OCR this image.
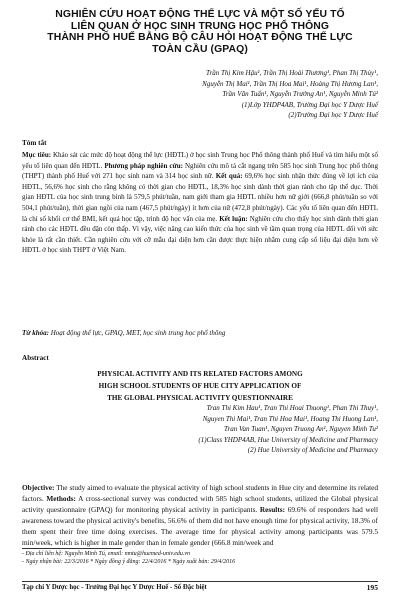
NGHIÊN CỨU HOẠT ĐỘNG THỂ LỰC VÀ MỘT SỐ YẾU TỐ
LIÊN QUAN Ở HỌC SINH TRUNG HỌC PHỔ THÔNG
THÀNH PHỐ HUẾ BẰNG BỘ CÂU HỎI HOẠT ĐỘNG THỂ LỰC
TOÀN CẦU (GPAQ)
Trần Thị Kim Hậu¹, Trần Thị Hoài Thương¹, Phan Thị Thủy¹,
Nguyễn Thị Mai¹, Trần Thị Hoa Mai¹, Hoàng Thị Hương Lan¹,
Trần Văn Tuấn¹, Nguyễn Trường An¹, Nguyễn Minh Tú²
(1)Lớp YHDP4AB, Trường Đại học Y Dược Huế
(2)Trường Đại học Y Dược Huế
Tóm tắt
Mục tiêu: Khảo sát các mức độ hoạt động thể lực (HĐTL) ở học sinh Trung học Phổ thông thành phố Huế và tìm hiểu một số yếu tố liên quan đến HĐTL. Phương pháp nghiên cứu: Nghiên cứu mô tả cắt ngang trên 585 học sinh Trung học phổ thông (THPT) thành phố Huế với 271 học sinh nam và 314 học sinh nữ. Kết quả: 69,6% học sinh nhận thức đúng về lợi ích của HĐTL, 56,6% học sinh cho rằng không có thời gian cho HĐTL, 18,3% học sinh dành thời gian rảnh cho tập thể dục. Thời gian HĐTL của học sinh trung bình là 579,5 phút/tuần, nam giới tham gia HĐTL nhiều hơn nữ giới (666,8 phút/tuần so với 504,1 phút/tuần), thời gian ngồi của nam (467,5 phút/ngày) ít hơn của nữ (472,8 phút/ngày). Các yếu tố liên quan đến HĐTL là chỉ số khối cơ thể BMI, kết quả học tập, trình độ học vấn của mẹ. Kết luận: Nghiên cứu cho thấy học sinh dành thời gian rảnh cho các HĐTL đều đặn còn thấp. Vì vậy, việc nâng cao kiến thức của học sinh về tầm quan trọng của HĐTL đối với sức khỏe là rất cần thiết. Cần nghiên cứu với cỡ mẫu đại diện hơn cần được thực hiện nhằm cung cấp số liệu đại diện hơn về HĐTL ở học sinh THPT ở Việt Nam.
Từ khóa: Hoạt động thể lực, GPAQ, MET, học sinh trung học phổ thông
Abstract
PHYSICAL ACTIVITY AND ITS RELATED FACTORS AMONG
HIGH SCHOOL STUDENTS OF HUE CITY APPLICATION OF
THE GLOBAL PHYSICAL ACTIVITY QUESTIONNAIRE
Tran Thi Kim Hau¹, Tran Thi Hoai Thuong¹, Phan Thi Thuy¹,
Nguyen Thi Mai¹, Tran Thi Hoa Mai¹, Hoang Thi Huong Lan¹,
Tran Van Tuan¹, Nguyen Truong An¹, Nguyen Minh Tu²
(1)Class YHDP4AB, Hue University of Medicine and Pharmacy
(2) Hue University of Medicine and Pharmacy
Objective: The study aimed to evaluate the physical activity of high school students in Hue city and determine its related factors. Methods: A cross-sectional survey was conducted with 585 high school students, utilized the Global physical activity questionnaire (GPAQ) for monitoring physical activity in participants. Results: 69.6% of responders had well awareness toward the physical activity's benefits, 56.6% of them did not have enough time for physical activity, 18.3% of them spent their free time doing exercises. The average time for physical activity among participants was 579.5 min/week, which is higher in male gender than in female gender (666.8 min/week and
- Địa chỉ liên hệ: Nguyễn Minh Tú, email: nmtu@huemed-univ.edu.vn
- Ngày nhận bài: 22/3/2016 * Ngày đồng ý đăng: 22/4/2016 * Ngày xuất bản: 29/4/2016
Tạp chí Y Dược học - Trường Đại học Y Dược Huế - Số Đặc biệt	195
